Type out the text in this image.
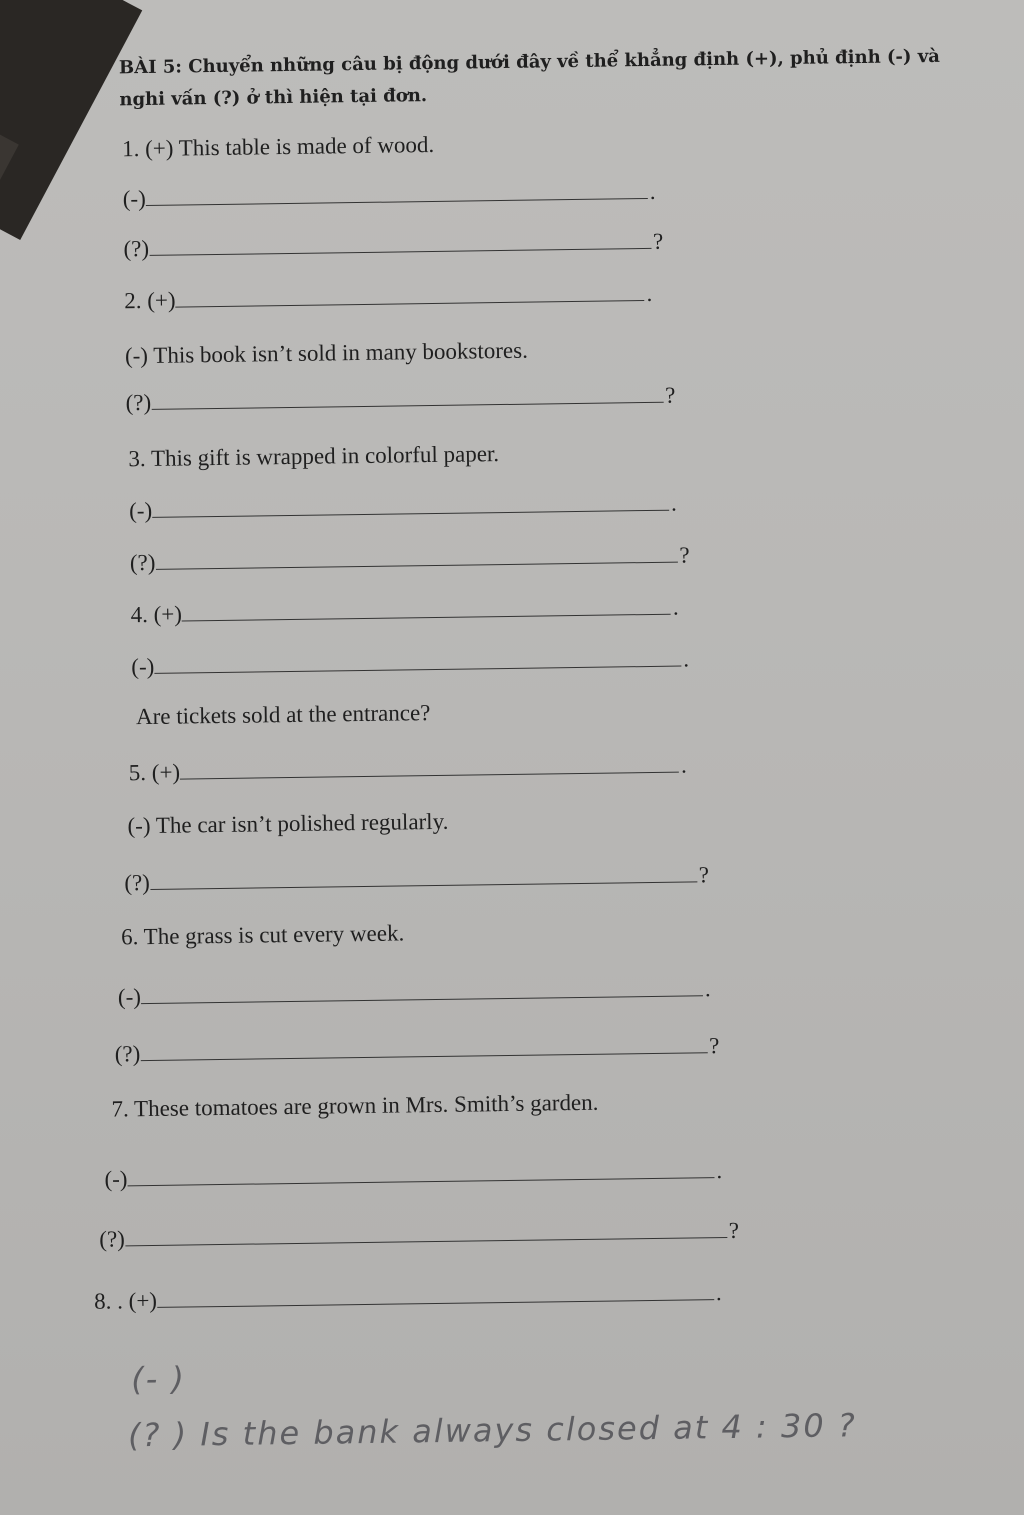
BÀI 5: Chuyển những câu bị động dưới đây về thể khẳng định (+), phủ định (-) và nghi vấn (?) ở thì hiện tại đơn.
1. (+) This table is made of wood.
(-)	.
(?)	?
2. (+)	.
(-) This book isn’t sold in many bookstores.
(?)	?
3. This gift is wrapped in colorful paper.
(-)	.
(?)	?
4. (+)	.
(-)	.
Are tickets sold at the entrance?
5. (+)	.
(-) The car isn’t polished regularly.
(?)	?
6. The grass is cut every week.
(-)	.
(?)	?
7. These tomatoes are grown in Mrs. Smith’s garden.
(-)	.
(?)	?
8. . (+)	.
(- )
(? ) Is the bank always closed at 4 : 30 ?
